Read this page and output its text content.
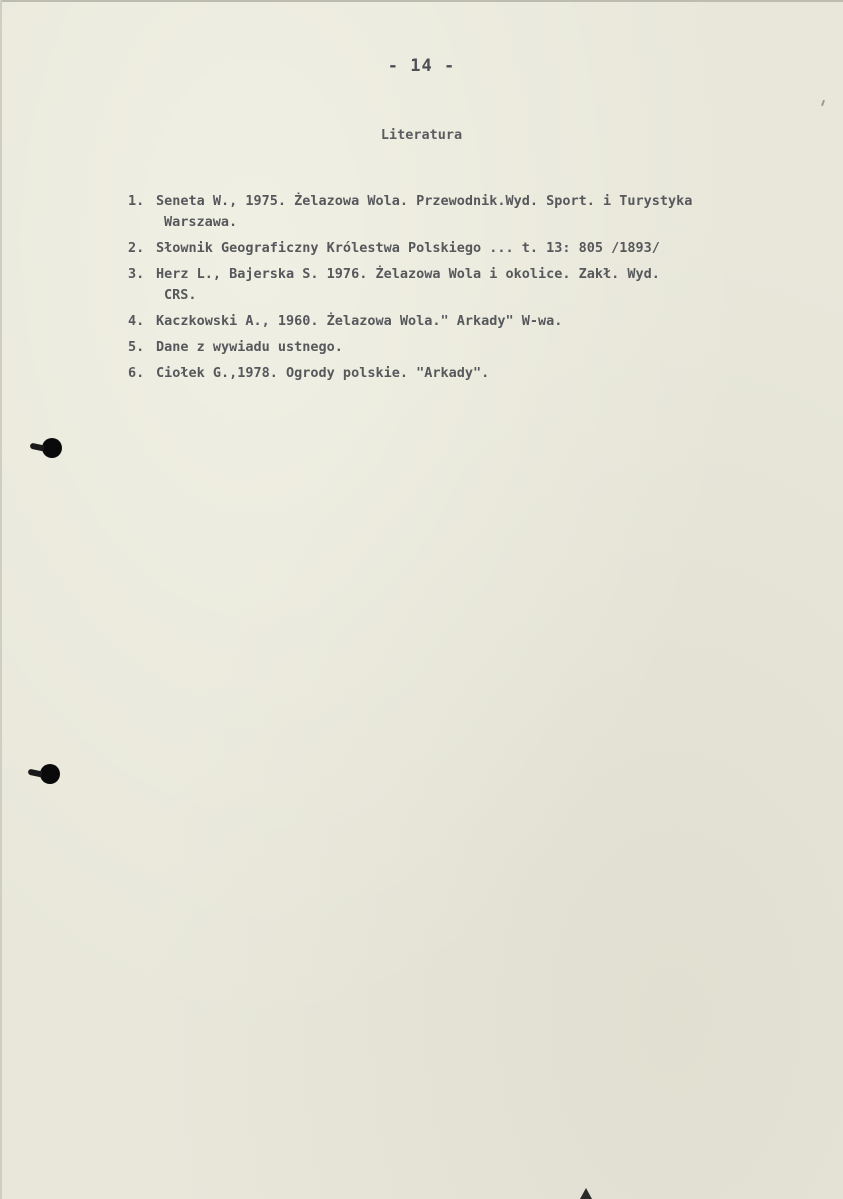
- 14 -
Literatura
1. Seneta W., 1975. Żelazowa Wola. Przewodnik.Wyd. Sport. i Turystyka
Warszawa.
2. Słownik Geograficzny Królestwa Polskiego ... t. 13: 805 /1893/
3. Herz L., Bajerska S. 1976. Żelazowa Wola i okolice. Zakł. Wyd.
CRS.
4. Kaczkowski A., 1960. Żelazowa Wola." Arkady" W-wa.
5. Dane z wywiadu ustnego.
6. Ciołek G.,1978. Ogrody polskie. "Arkady".
